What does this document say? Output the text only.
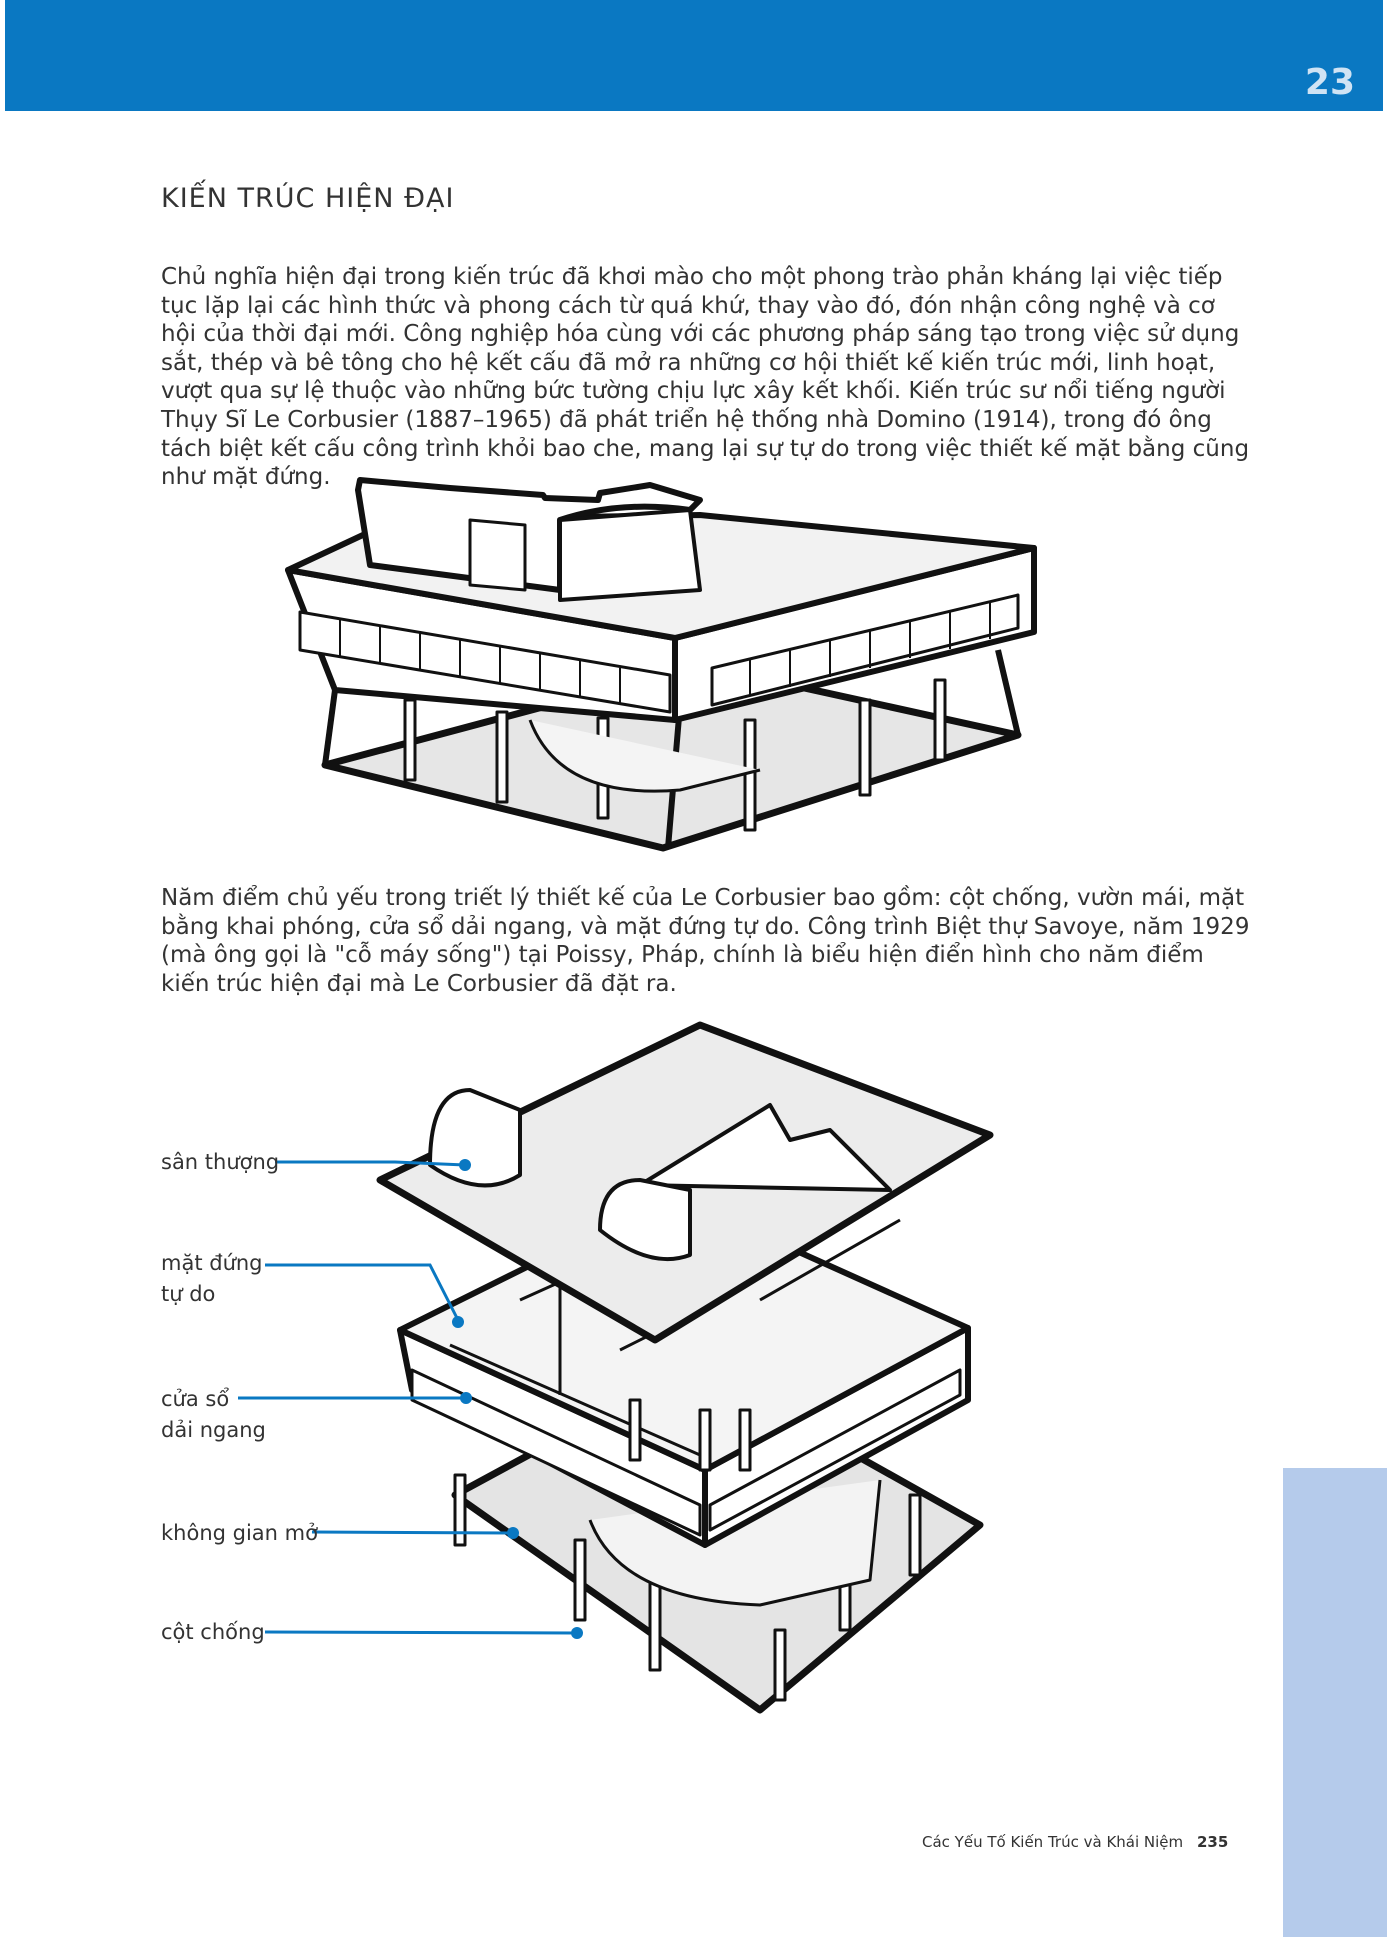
23
KIẾN TRÚC HIỆN ĐẠI

Chủ nghĩa hiện đại trong kiến trúc đã khơi mào cho một phong trào phản kháng lại việc tiếp tục lặp lại các hình thức và phong cách từ quá khứ, thay vào đó, đón nhận công nghệ và cơ hội của thời đại mới. Công nghiệp hóa cùng với các phương pháp sáng tạo trong việc sử dụng sắt, thép và bê tông cho hệ kết cấu đã mở ra những cơ hội thiết kế kiến trúc mới, linh hoạt, vượt qua sự lệ thuộc vào những bức tường chịu lực xây kết khối. Kiến trúc sư nổi tiếng người Thụy Sĩ Le Corbusier (1887–1965) đã phát triển hệ thống nhà Domino (1914), trong đó ông tách biệt kết cấu công trình khỏi bao che, mang lại sự tự do trong việc thiết kế mặt bằng cũng như mặt đứng.

Năm điểm chủ yếu trong triết lý thiết kế của Le Corbusier bao gồm: cột chống, vườn mái, mặt bằng khai phóng, cửa sổ dải ngang, và mặt đứng tự do. Công trình Biệt thự Savoye, năm 1929 (mà ông gọi là "cỗ máy sống") tại Poissy, Pháp, chính là biểu hiện điển hình cho năm điểm kiến trúc hiện đại mà Le Corbusier đã đặt ra.

sân thượng
mặt đứng
tự do
cửa sổ
dải ngang
không gian mở
cột chống
Các Yếu Tố Kiến Trúc và Khái Niệm 235
